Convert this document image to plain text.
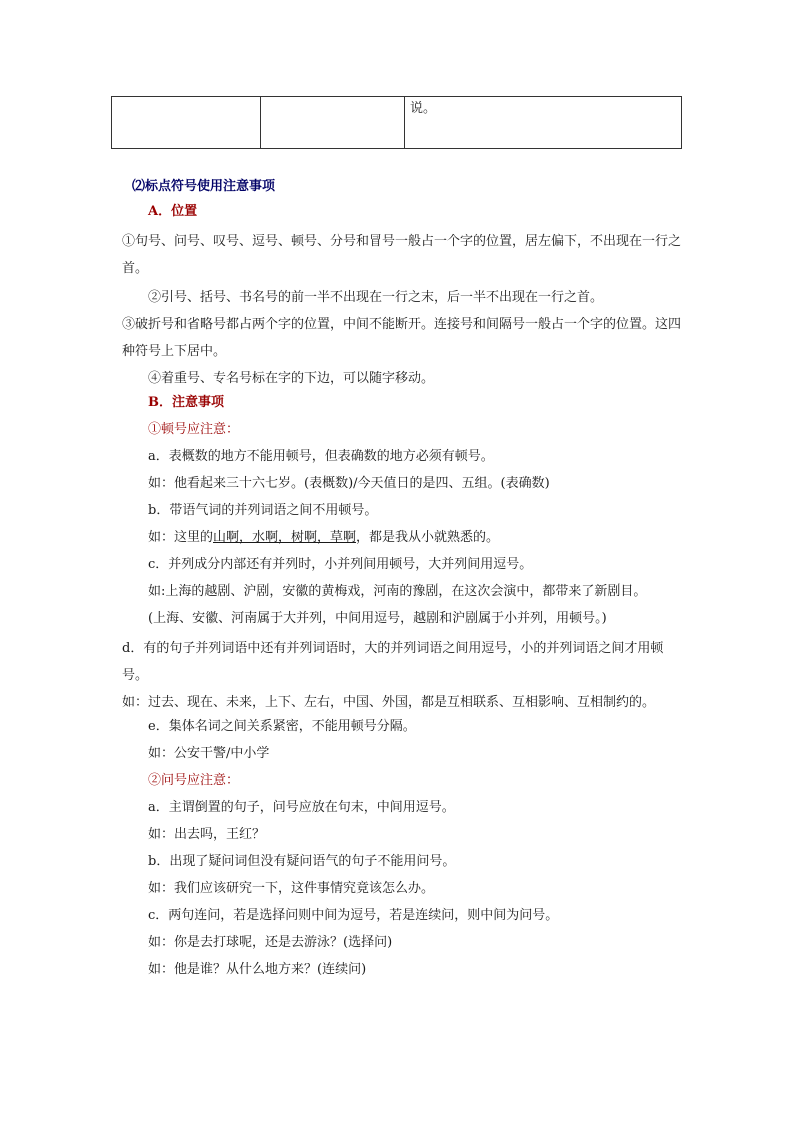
		说。
⑵标点符号使用注意事项
A．位置
①句号、问号、叹号、逗号、顿号、分号和冒号一般占一个字的位置，居左偏下，不出现在一行之首。
②引号、括号、书名号的前一半不出现在一行之末，后一半不出现在一行之首。
③破折号和省略号都占两个字的位置，中间不能断开。连接号和间隔号一般占一个字的位置。这四种符号上下居中。
④着重号、专名号标在字的下边，可以随字移动。
B．注意事项
①顿号应注意：
a．表概数的地方不能用顿号，但表确数的地方必须有顿号。
如：他看起来三十六七岁。(表概数)/今天值日的是四、五组。(表确数)
b．带语气词的并列词语之间不用顿号。
如：这里的山啊，水啊，树啊，草啊，都是我从小就熟悉的。
c．并列成分内部还有并列时，小并列间用顿号，大并列间用逗号。
如:上海的越剧、沪剧，安徽的黄梅戏，河南的豫剧，在这次会演中，都带来了新剧目。
(上海、安徽、河南属于大并列，中间用逗号，越剧和沪剧属于小并列，用顿号。)
d．有的句子并列词语中还有并列词语时，大的并列词语之间用逗号，小的并列词语之间才用顿号。
如：过去、现在、未来，上下、左右，中国、外国，都是互相联系、互相影响、互相制约的。
e．集体名词之间关系紧密，不能用顿号分隔。
如：公安干警/中小学
②问号应注意：
a．主谓倒置的句子，问号应放在句末，中间用逗号。
如：出去吗，王红？
b．出现了疑问词但没有疑问语气的句子不能用问号。
如：我们应该研究一下，这件事情究竟该怎么办。
c．两句连问，若是选择问则中间为逗号，若是连续问，则中间为问号。
如：你是去打球呢，还是去游泳？(选择问)
如：他是谁？从什么地方来？(连续问)
